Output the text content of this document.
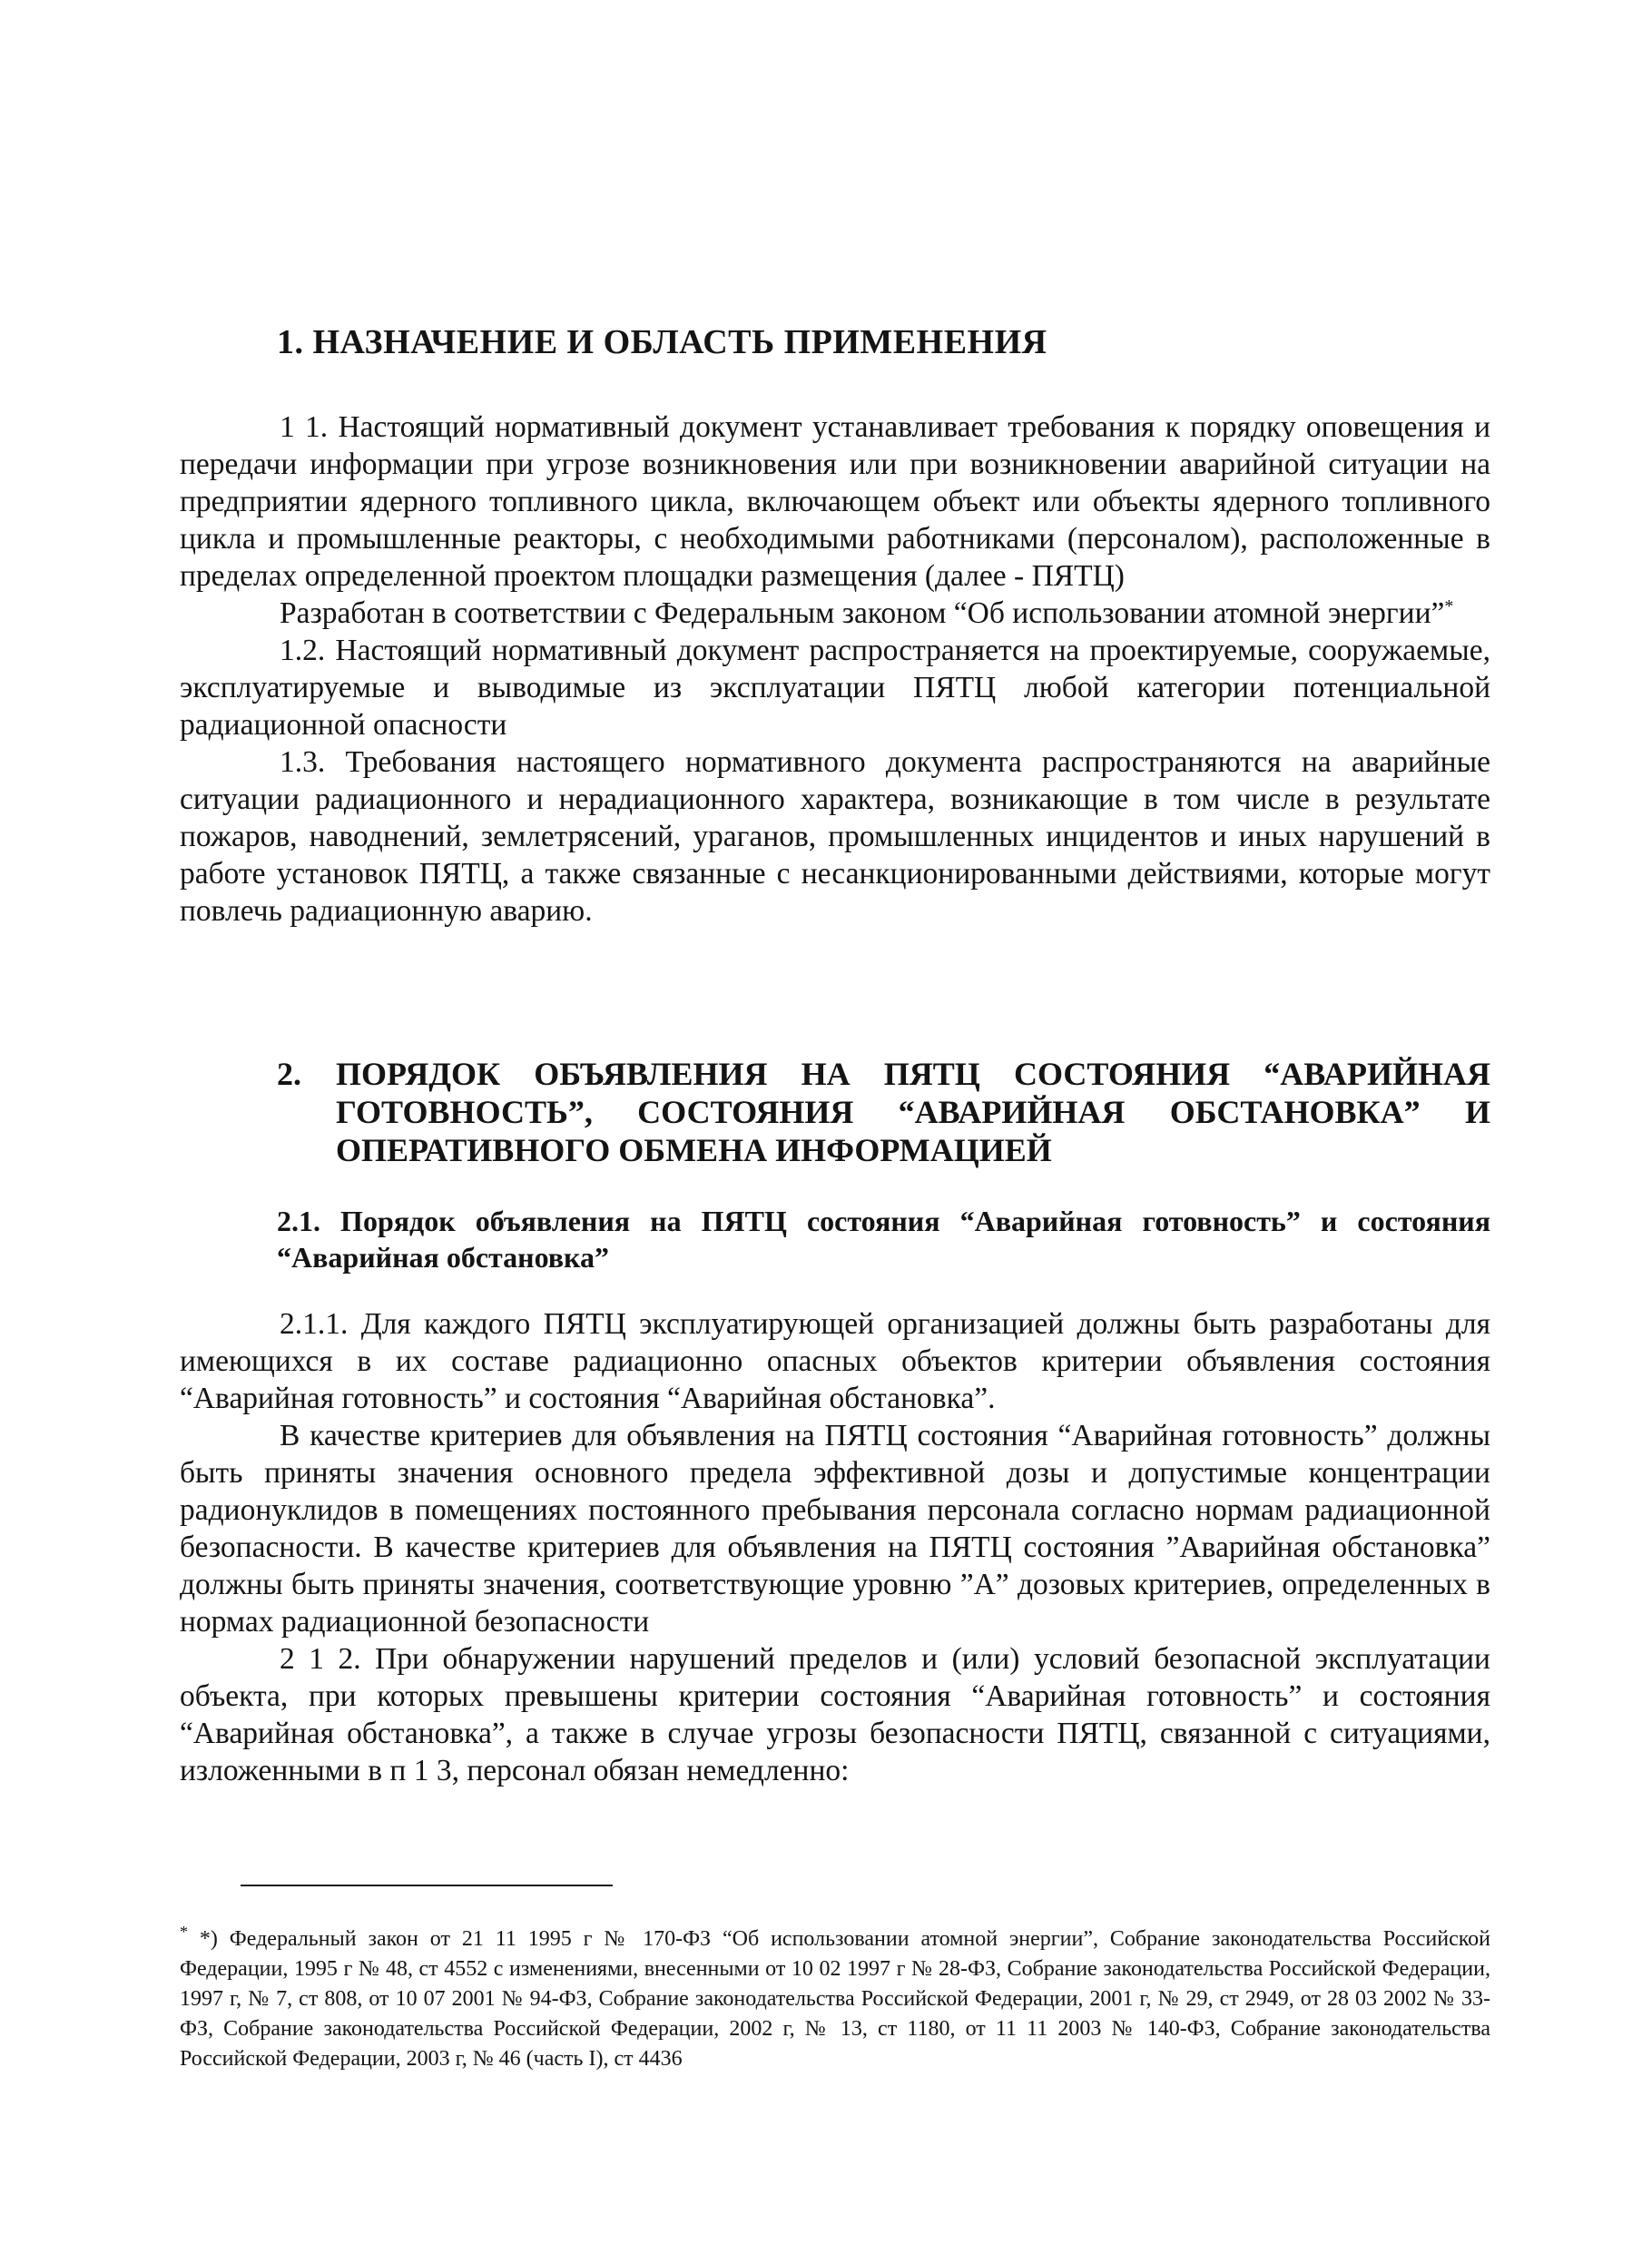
1. НАЗНАЧЕНИЕ И ОБЛАСТЬ ПРИМЕНЕНИЯ

1 1. Настоящий нормативный документ устанавливает требования к порядку оповещения и передачи информации при угрозе возникновения или при возникновении аварийной ситуации на предприятии ядерного топливного цикла, включающем объект или объекты ядерного топливного цикла и промышленные реакторы, с необходимыми работниками (персоналом), расположенные в пределах определенной проектом площадки размещения (далее - ПЯТЦ)

Разработан в соответствии с Федеральным законом “Об использовании атомной энергии”*

1.2. Настоящий нормативный документ распространяется на проектируемые, сооружаемые, эксплуатируемые и выводимые из эксплуатации ПЯТЦ любой категории потенциальной радиационной опасности

1.3. Требования настоящего нормативного документа распространяются на аварийные ситуации радиационного и нерадиационного характера, возникающие в том числе в результате пожаров, наводнений, землетрясений, ураганов, промышленных инцидентов и иных нарушений в работе установок ПЯТЦ, а также связанные с несанкционированными действиями, которые могут повлечь радиационную аварию.

2. ПОРЯДОК ОБЪЯВЛЕНИЯ НА ПЯТЦ СОСТОЯНИЯ “АВАРИЙНАЯ ГОТОВНОСТЬ”, СОСТОЯНИЯ “АВАРИЙНАЯ ОБСТАНОВКА” И ОПЕРАТИВНОГО ОБМЕНА ИНФОРМАЦИЕЙ
2.1. Порядок объявления на ПЯТЦ состояния “Аварийная готовность” и состояния “Аварийная обстановка”

2.1.1. Для каждого ПЯТЦ эксплуатирующей организацией должны быть разработаны для имеющихся в их составе радиационно опасных объектов критерии объявления состояния “Аварийная готовность” и состояния “Аварийная обстановка”.

В качестве критериев для объявления на ПЯТЦ состояния “Аварийная готовность” должны быть приняты значения основного предела эффективной дозы и допустимые концентрации радионуклидов в помещениях постоянного пребывания персонала согласно нормам радиационной безопасности. В качестве критериев для объявления на ПЯТЦ состояния ”Аварийная обстановка” должны быть приняты значения, соответствующие уровню ”А” дозовых критериев, определенных в нормах радиационной безопасности

2 1 2. При обнаружении нарушений пределов и (или) условий безопасной эксплуатации объекта, при которых превышены критерии состояния “Аварийная готовность” и состояния “Аварийная обстановка”, а также в случае угрозы безопасности ПЯТЦ, связанной с ситуациями, изложенными в п 1 3, персонал обязан немедленно:

* *) Федеральный закон от 21 11 1995 г № 170-ФЗ “Об использовании атомной энергии”, Собрание законодательства Российской Федерации, 1995 г № 48, ст 4552 с изменениями, внесенными от 10 02 1997 г № 28-ФЗ, Собрание законодательства Российской Федерации, 1997 г, № 7, ст 808, от 10 07 2001 № 94-ФЗ, Собрание законодательства Российской Федерации, 2001 г, № 29, ст 2949, от 28 03 2002 № 33-ФЗ, Собрание законодательства Российской Федерации, 2002 г, № 13, ст 1180, от 11 11 2003 № 140-ФЗ, Собрание законодательства Российской Федерации, 2003 г, № 46 (часть I), ст 4436
